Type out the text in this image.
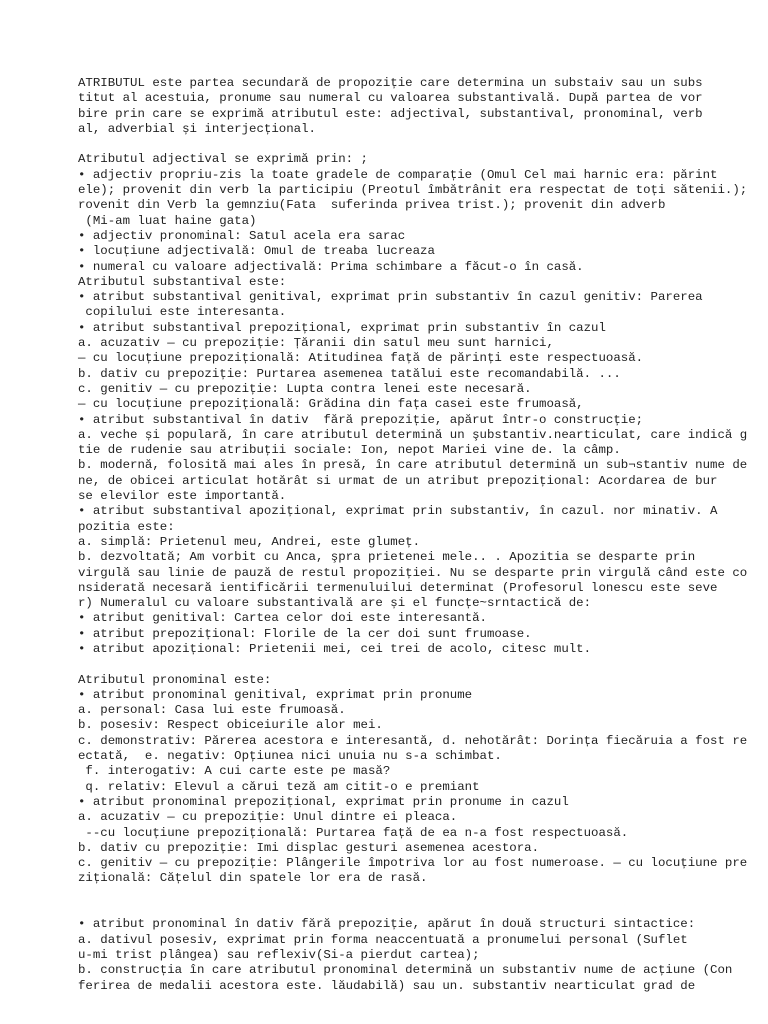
ATRIBUTUL este partea secundară de propoziție care determina un substaiv sau un subs
titut al acestuia, pronume sau numeral cu valoarea substantivală. După partea de vor
bire prin care se exprimă atributul este: adjectival, substantival, pronominal, verb
al, adverbial și interjecțional.
Atributul adjectival se exprimă prin: ;
• adjectiv propriu-zis la toate gradele de comparație (Omul Cel mai harnic era: părint
ele); provenit din verb la participiu (Preotul îmbătrânit era respectat de toți sătenii.);
rovenit din Verb la gemnziu(Fata  suferinda privea trist.); provenit din adverb
(Mi-am luat haine gata)
• adjectiv pronominal: Satul acela era sarac
• locuțiune adjectivală: Omul de treaba lucreaza
• numeral cu valoare adjectivală: Prima schimbare a făcut-o în casă.
Atributul substantival este:
• atribut substantival genitival, exprimat prin substantiv în cazul genitiv: Parerea
copilului este interesanta.
• atribut substantival prepozițional, exprimat prin substantiv în cazul
a. acuzativ — cu prepoziție: Țăranii din satul meu sunt harnici,
— cu locuțiune prepozițională: Atitudinea față de părinți este respectuoasă.
b. dativ cu prepoziție: Purtarea asemenea tatălui este recomandabilă. ...
c. genitiv — cu prepoziție: Lupta contra lenei este necesară.
— cu locuțiune prepozițională: Grădina din fața casei este frumoasă,
• atribut substantival în dativ  fără prepoziție, apărut într-o construcție;
a. veche și populară, în care atributul determină un şubstantiv.nearticulat, care indică g
tie de rudenie sau atribuții sociale: Ion, nepot Mariei vine de. la câmp.
b. modernă, folosită mai ales în presă, în care atributul determină un sub¬stantiv nume de
ne, de obicei articulat hotărât si urmat de un atribut prepozițional: Acordarea de bur
se elevilor este importantă.
• atribut substantival apozițional, exprimat prin substantiv, în cazul. nor minativ. A
pozitia este:
a. simplă: Prietenul meu, Andrei, este glumeț.
b. dezvoltată; Am vorbit cu Anca, şpra prietenei mele.. . Apozitia se desparte prin
virgulă sau linie de pauză de restul propoziției. Nu se desparte prin virgulă când este co
nsiderată necesară ientificării termenuluilui determinat (Profesorul lonescu este seve
r) Numeralul cu valoare substantivală are și el funcțe~srntactică de:
• atribut genitival: Cartea celor doi este interesantă.
• atribut prepozițional: Florile de la cer doi sunt frumoase.
• atribut apozițional: Prietenii mei, cei trei de acolo, citesc mult.
Atributul pronominal este:
• atribut pronominal genitival, exprimat prin pronume
a. personal: Casa lui este frumoasă.
b. posesiv: Respect obiceiurile alor mei.
c. demonstrativ: Părerea acestora e interesantă, d. nehotărât: Dorința fiecăruia a fost re
ectată,  e. negativ: Opțiunea nici unuia nu s-a schimbat.
f. interogativ: A cui carte este pe masă?
q. relativ: Elevul a cărui teză am citit-o e premiant
• atribut pronominal prepozițional, exprimat prin pronume in cazul
a. acuzativ — cu prepoziție: Unul dintre ei pleaca.
--cu locuțiune prepozițională: Purtarea față de ea n-a fost respectuoasă.
b. dativ cu prepoziție: Imi displac gesturi asemenea acestora.
c. genitiv — cu prepoziție: Plângerile împotriva lor au fost numeroase. — cu locuțiune pre
zițională: Cățelul din spatele lor era de rasă.
• atribut pronominal în dativ fără prepoziție, apărut în două structuri sintactice:
a. dativul posesiv, exprimat prin forma neaccentuată a pronumelui personal (Suflet
u-mi trist plângea) sau reflexiv(Si-a pierdut cartea);
b. construcția în care atributul pronominal determină un substantiv nume de acțiune (Con
ferirea de medalii acestora este. lăudabilă) sau un. substantiv nearticulat grad de
